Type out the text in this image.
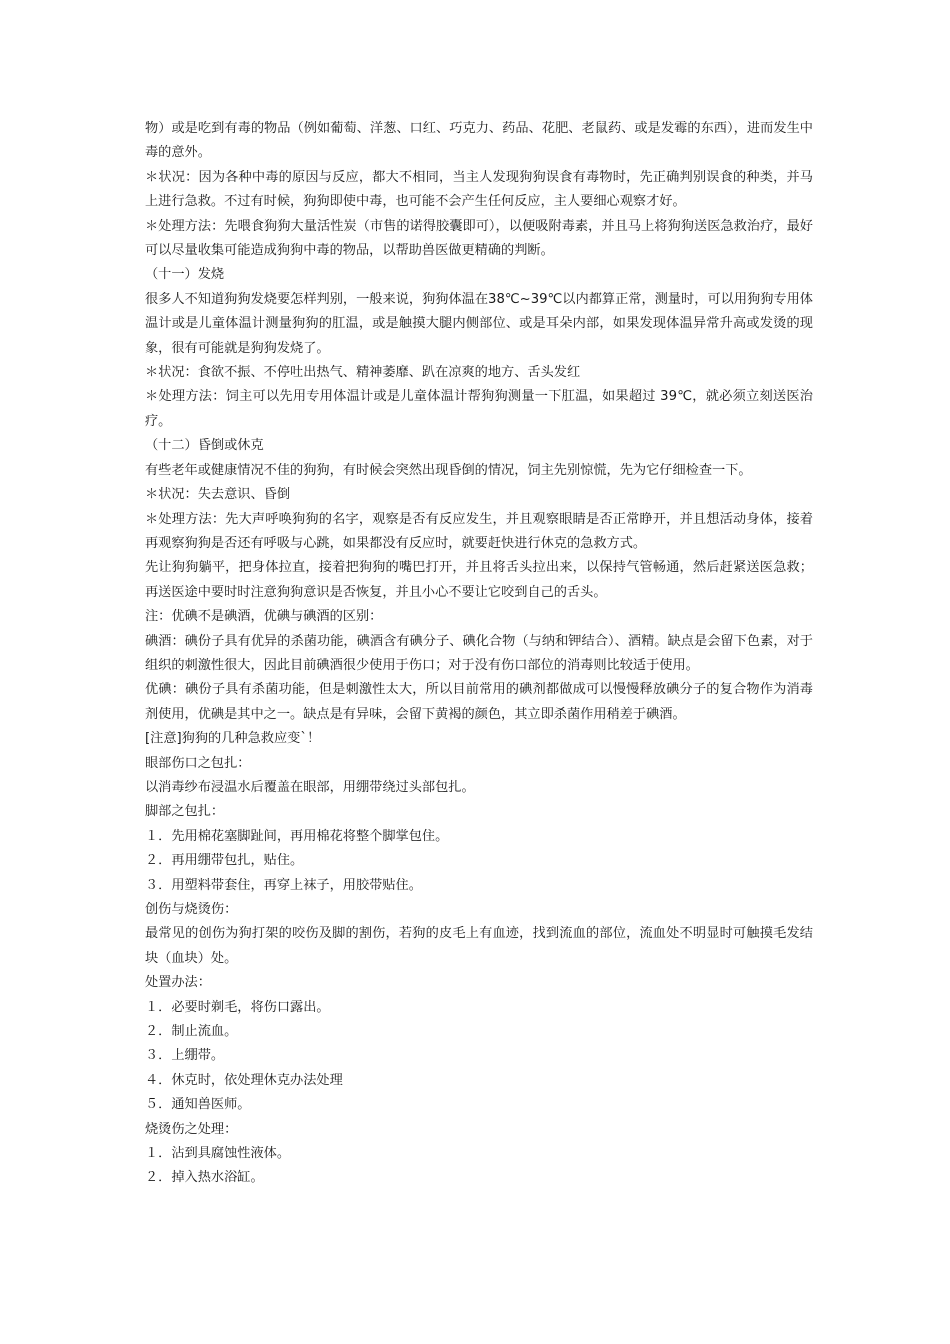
物）或是吃到有毒的物品（例如葡萄、洋葱、口红、巧克力、药品、花肥、老鼠药、或是发霉的东西），进而发生中毒的意外。

＊状况：因为各种中毒的原因与反应，都大不相同，当主人发现狗狗误食有毒物时，先正确判别误食的种类，并马上进行急救。不过有时候，狗狗即使中毒，也可能不会产生任何反应，主人要细心观察才好。

＊处理方法：先喂食狗狗大量活性炭（市售的诺得胶囊即可），以便吸附毒素，并且马上将狗狗送医急救治疗，最好可以尽量收集可能造成狗狗中毒的物品，以帮助兽医做更精确的判断。

（十一）发烧

很多人不知道狗狗发烧要怎样判别，一般来说，狗狗体温在38℃~39℃以内都算正常，测量时，可以用狗狗专用体温计或是儿童体温计测量狗狗的肛温，或是触摸大腿内侧部位、或是耳朵内部，如果发现体温异常升高或发烫的现象，很有可能就是狗狗发烧了。

＊状况：食欲不振、不停吐出热气、精神萎靡、趴在凉爽的地方、舌头发红

＊处理方法：饲主可以先用专用体温计或是儿童体温计帮狗狗测量一下肛温，如果超过 39℃，就必须立刻送医治疗。

（十二）昏倒或休克

有些老年或健康情况不佳的狗狗，有时候会突然出现昏倒的情况，饲主先别惊慌，先为它仔细检查一下。

＊状况：失去意识、昏倒

＊处理方法：先大声呼唤狗狗的名字，观察是否有反应发生，并且观察眼睛是否正常睁开，并且想活动身体，接着再观察狗狗是否还有呼吸与心跳，如果都没有反应时，就要赶快进行休克的急救方式。

先让狗狗躺平，把身体拉直，接着把狗狗的嘴巴打开，并且将舌头拉出来，以保持气管畅通，然后赶紧送医急救；再送医途中要时时注意狗狗意识是否恢复，并且小心不要让它咬到自己的舌头。

注：优碘不是碘酒，优碘与碘酒的区别：

碘酒：碘份子具有优异的杀菌功能，碘酒含有碘分子、碘化合物（与纳和钾结合）、酒精。缺点是会留下色素，对于组织的刺激性很大，因此目前碘酒很少使用于伤口；对于没有伤口部位的消毒则比较适于使用。

优碘：碘份子具有杀菌功能，但是刺激性太大，所以目前常用的碘剂都做成可以慢慢释放碘分子的复合物作为消毒剂使用，优碘是其中之一。缺点是有异味，会留下黄褐的颜色，其立即杀菌作用稍差于碘酒。

[注意]狗狗的几种急救应变`！

眼部伤口之包扎：

以消毒纱布浸温水后覆盖在眼部，用绷带绕过头部包扎。

脚部之包扎：

１．先用棉花塞脚趾间，再用棉花将整个脚掌包住。

２．再用绷带包扎，贴住。

３．用塑料带套住，再穿上袜子，用胶带贴住。

创伤与烧烫伤：

最常见的创伤为狗打架的咬伤及脚的割伤，若狗的皮毛上有血迹，找到流血的部位，流血处不明显时可触摸毛发结块（血块）处。

处置办法：

１．必要时剃毛，将伤口露出。

２．制止流血。

３．上绷带。

４．休克时，依处理休克办法处理

５．通知兽医师。

烧烫伤之处理：

１．沾到具腐蚀性液体。

２．掉入热水浴缸。
